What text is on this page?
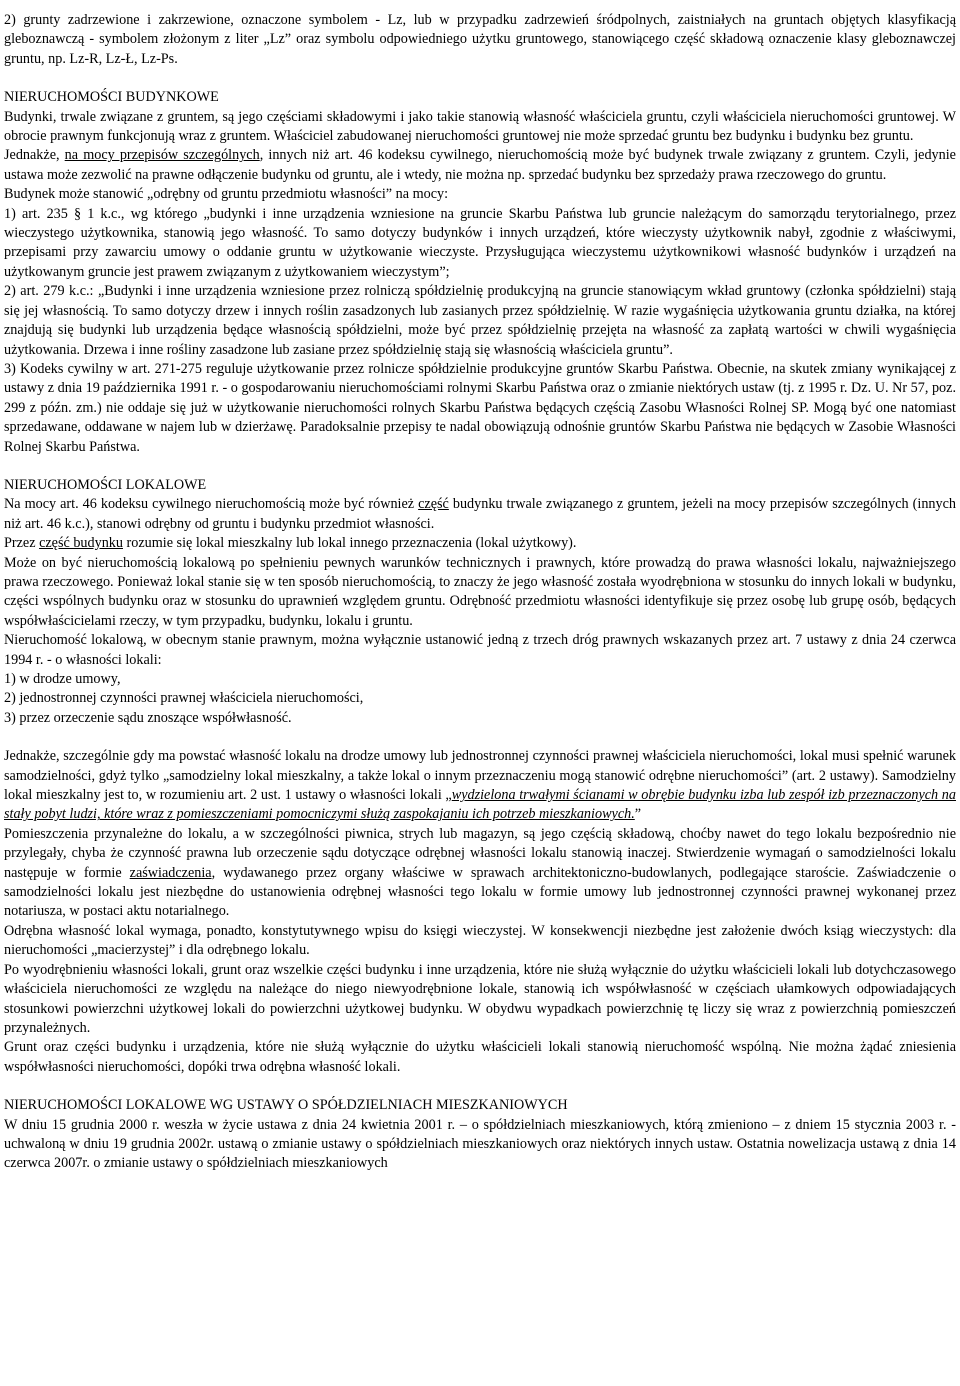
2) grunty zadrzewione i zakrzewione, oznaczone symbolem - Lz, lub w przypadku zadrzewień śródpolnych, zaistniałych na gruntach objętych klasyfikacją gleboznawczą - symbolem złożonym z liter „Lz” oraz symbolu odpowiedniego użytku gruntowego, stanowiącego część składową oznaczenie klasy gleboznawczej gruntu, np. Lz-R, Lz-Ł, Lz-Ps.

NIERUCHOMOŚCI BUDYNKOWE

Budynki, trwale związane z gruntem, są jego częściami składowymi i jako takie stanowią własność właściciela gruntu, czyli właściciela nieruchomości gruntowej. W obrocie prawnym funkcjonują wraz z gruntem. Właściciel zabudowanej nieruchomości gruntowej nie może sprzedać gruntu bez budynku i budynku bez gruntu.

Jednakże, na mocy przepisów szczególnych, innych niż art. 46 kodeksu cywilnego, nieruchomością może być budynek trwale związany z gruntem. Czyli, jedynie ustawa może zezwolić na prawne odłączenie budynku od gruntu, ale i wtedy, nie można np. sprzedać budynku bez sprzedaży prawa rzeczowego do gruntu.

Budynek może stanowić „odrębny od gruntu przedmiotu własności” na mocy:

1) art. 235 § 1 k.c., wg którego „budynki i inne urządzenia wzniesione na gruncie Skarbu Państwa lub gruncie należącym do samorządu terytorialnego, przez wieczystego użytkownika, stanowią jego własność. To samo dotyczy budynków i innych urządzeń, które wieczysty użytkownik nabył, zgodnie z właściwymi, przepisami przy zawarciu umowy o oddanie gruntu w użytkowanie wieczyste. Przysługująca wieczystemu użytkownikowi własność budynków i urządzeń na użytkowanym gruncie jest prawem związanym z użytkowaniem wieczystym”;

2) art. 279 k.c.: „Budynki i inne urządzenia wzniesione przez rolniczą spółdzielnię produkcyjną na gruncie stanowiącym wkład gruntowy (członka spółdzielni) stają się jej własnością. To samo dotyczy drzew i innych roślin zasadzonych lub zasianych przez spółdzielnię. W razie wygaśnięcia użytkowania gruntu działka, na której znajdują się budynki lub urządzenia będące własnością spółdzielni, może być przez spółdzielnię przejęta na własność za zapłatą wartości w chwili wygaśnięcia użytkowania. Drzewa i inne rośliny zasadzone lub zasiane przez spółdzielnię stają się własnością właściciela gruntu”.

3) Kodeks cywilny w art. 271-275 reguluje użytkowanie przez rolnicze spółdzielnie produkcyjne gruntów Skarbu Państwa. Obecnie, na skutek zmiany wynikającej z ustawy z dnia 19 października 1991 r. - o gospodarowaniu nieruchomościami rolnymi Skarbu Państwa oraz o zmianie niektórych ustaw (tj. z 1995 r. Dz. U. Nr 57, poz. 299 z późn. zm.) nie oddaje się już w użytkowanie nieruchomości rolnych Skarbu Państwa będących częścią Zasobu Własności Rolnej SP. Mogą być one natomiast sprzedawane, oddawane w najem lub w dzierżawę. Paradoksalnie przepisy te nadal obowiązują odnośnie gruntów Skarbu Państwa nie będących w Zasobie Własności Rolnej Skarbu Państwa.

NIERUCHOMOŚCI LOKALOWE

Na mocy art. 46 kodeksu cywilnego nieruchomością może być również część budynku trwale związanego z gruntem, jeżeli na mocy przepisów szczególnych (innych niż art. 46 k.c.), stanowi odrębny od gruntu i budynku przedmiot własności.

Przez część budynku rozumie się lokal mieszkalny lub lokal innego przeznaczenia (lokal użytkowy).

Może on być nieruchomością lokalową po spełnieniu pewnych warunków technicznych i prawnych, które prowadzą do prawa własności lokalu, najważniejszego prawa rzeczowego. Ponieważ lokal stanie się w ten sposób nieruchomością, to znaczy że jego własność została wyodrębniona w stosunku do innych lokali w budynku, części wspólnych budynku oraz w stosunku do uprawnień względem gruntu. Odrębność przedmiotu własności identyfikuje się przez osobę lub grupę osób, będących współwłaścicielami rzeczy, w tym przypadku, budynku, lokalu i gruntu.

Nieruchomość lokalową, w obecnym stanie prawnym, można wyłącznie ustanowić jedną z trzech dróg prawnych wskazanych przez art. 7 ustawy z dnia 24 czerwca 1994 r. - o własności lokali:

1) w drodze umowy,

2) jednostronnej czynności prawnej właściciela nieruchomości,

3) przez orzeczenie sądu znoszące współwłasność.

Jednakże, szczególnie gdy ma powstać własność lokalu na drodze umowy lub jednostronnej czynności prawnej właściciela nieruchomości, lokal musi spełnić warunek samodzielności, gdyż tylko „samodzielny lokal mieszkalny, a także lokal o innym przeznaczeniu mogą stanowić odrębne nieruchomości” (art. 2 ustawy). Samodzielny lokal mieszkalny jest to, w rozumieniu art. 2 ust. 1 ustawy o własności lokali „wydzielona trwałymi ścianami w obrębie budynku izba lub zespół izb przeznaczonych na stały pobyt ludzi, które wraz z pomieszczeniami pomocniczymi służą zaspokajaniu ich potrzeb mieszkaniowych.”

Pomieszczenia przynależne do lokalu, a w szczególności piwnica, strych lub magazyn, są jego częścią składową, choćby nawet do tego lokalu bezpośrednio nie przylegały, chyba że czynność prawna lub orzeczenie sądu dotyczące odrębnej własności lokalu stanowią inaczej. Stwierdzenie wymagań o samodzielności lokalu następuje w formie zaświadczenia, wydawanego przez organy właściwe w sprawach architektoniczno-budowlanych, podlegające staroście. Zaświadczenie o samodzielności lokalu jest niezbędne do ustanowienia odrębnej własności tego lokalu w formie umowy lub jednostronnej czynności prawnej wykonanej przez notariusza, w postaci aktu notarialnego.

Odrębna własność lokal wymaga, ponadto, konstytutywnego wpisu do księgi wieczystej. W konsekwencji niezbędne jest założenie dwóch ksiąg wieczystych: dla nieruchomości „macierzystej” i dla odrębnego lokalu.

Po wyodrębnieniu własności lokali, grunt oraz wszelkie części budynku i inne urządzenia, które nie służą wyłącznie do użytku właścicieli lokali lub dotychczasowego właściciela nieruchomości ze względu na należące do niego niewyodrębnione lokale, stanowią ich współwłasność w częściach ułamkowych odpowiadających stosunkowi powierzchni użytkowej lokali do powierzchni użytkowej budynku. W obydwu wypadkach powierzchnię tę liczy się wraz z powierzchnią pomieszczeń przynależnych.

Grunt oraz części budynku i urządzenia, które nie służą wyłącznie do użytku właścicieli lokali stanowią nieruchomość wspólną. Nie można żądać zniesienia współwłasności nieruchomości, dopóki trwa odrębna własność lokali.

NIERUCHOMOŚCI LOKALOWE WG USTAWY O SPÓŁDZIELNIACH MIESZKANIOWYCH

W dniu 15 grudnia 2000 r. weszła w życie ustawa z dnia 24 kwietnia 2001 r. – o spółdzielniach mieszkaniowych, którą zmieniono – z dniem 15 stycznia 2003 r. - uchwaloną w dniu 19 grudnia 2002r. ustawą o zmianie ustawy o spółdzielniach mieszkaniowych oraz niektórych innych ustaw. Ostatnia nowelizacja ustawą z dnia 14 czerwca 2007r. o zmianie ustawy o spółdzielniach mieszkaniowych
